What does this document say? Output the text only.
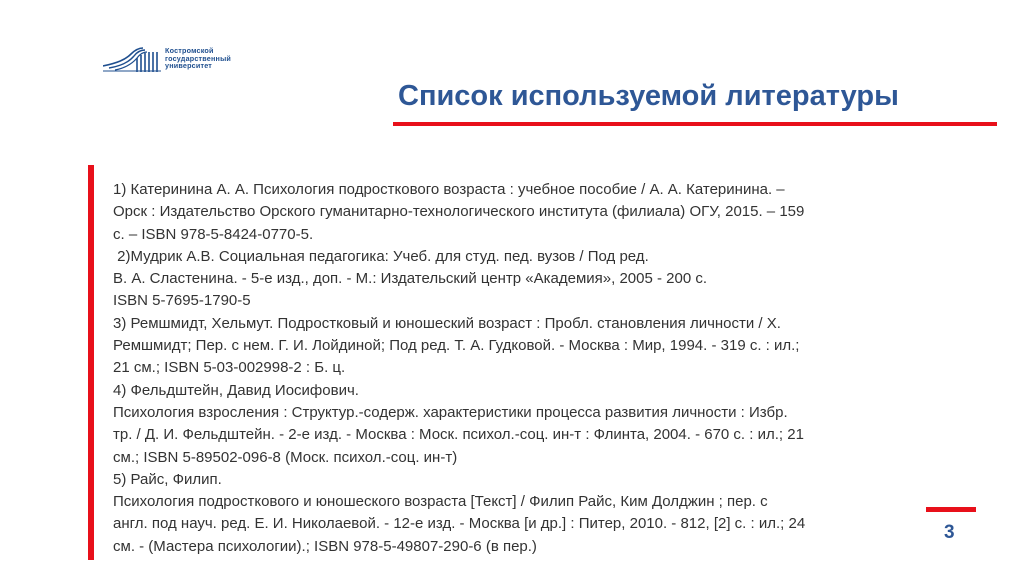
Костромской
государственный
университет
Список используемой литературы
1) Катеринина А. А. Психология подросткового возраста : учебное пособие / А. А. Катеринина. –
Орск : Издательство Орского гуманитарно-технологического института (филиала) ОГУ, 2015. – 159
с. – ISBN 978-5-8424-0770-5.
2)Мудрик А.В. Социальная педагогика: Учеб. для студ. пед. вузов / Под ред.
В. А. Сластенина. - 5-е изд., доп. - М.: Издательский центр «Академия», 2005 - 200 с.
ISBN 5-7695-1790-5
3) Ремшмидт, Хельмут. Подростковый и юношеский возраст : Пробл. становления личности / Х.
Ремшмидт; Пер. с нем. Г. И. Лойдиной; Под ред. Т. А. Гудковой. - Москва : Мир, 1994. - 319 с. : ил.;
21 см.; ISBN 5-03-002998-2 : Б. ц.
4) Фельдштейн, Давид Иосифович.
Психология взросления : Структур.-содерж. характеристики процесса развития личности : Избр.
тр. / Д. И. Фельдштейн. - 2-е изд. - Москва : Моск. психол.-соц. ин-т : Флинта, 2004. - 670 с. : ил.; 21
см.; ISBN 5-89502-096-8 (Моск. психол.-соц. ин-т)
5) Райс, Филип.
Психология подросткового и юношеского возраста [Текст] / Филип Райс, Ким Долджин ; пер. с
англ. под науч. ред. Е. И. Николаевой. - 12-е изд. - Москва [и др.] : Питер, 2010. - 812, [2] с. : ил.; 24
см. - (Мастера психологии).; ISBN 978-5-49807-290-6 (в пер.)
3
